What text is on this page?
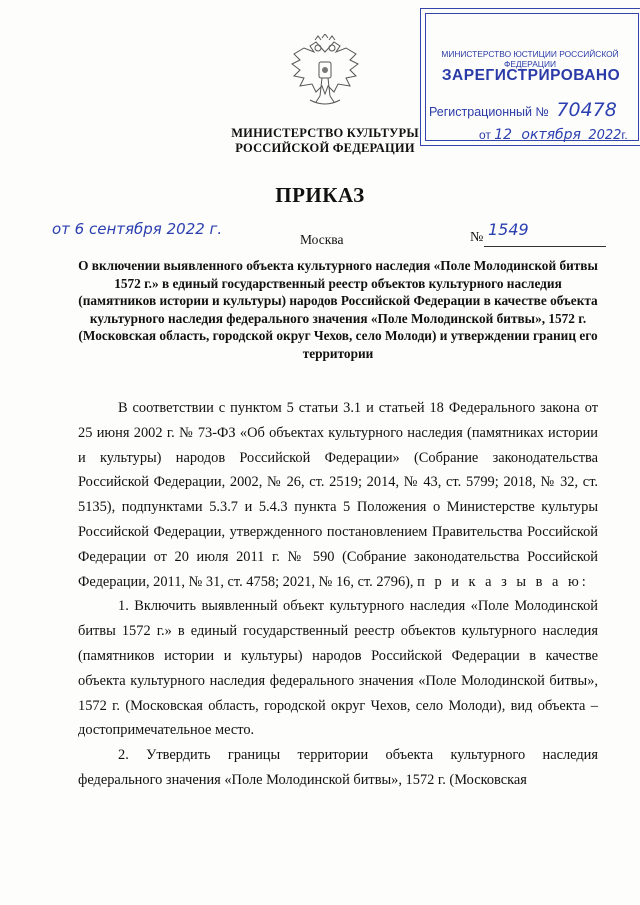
МИНИСТЕРСТВО КУЛЬТУРЫ
РОССИЙСКОЙ ФЕДЕРАЦИИ
МИНИСТЕРСТВО ЮСТИЦИИ РОССИЙСКОЙ ФЕДЕРАЦИИ
ЗАРЕГИСТРИРОВАНО
Регистрационный № 70478
от 12 октября 2022г.
ПРИКАЗ
от 6 сентября 2022 г.
Москва	№ 1549
О включении выявленного объекта культурного наследия «Поле Молодинской битвы 1572 г.» в единый государственный реестр объектов культурного наследия (памятников истории и культуры) народов Российской Федерации в качестве объекта культурного наследия федерального значения «Поле Молодинской битвы», 1572 г. (Московская область, городской округ Чехов, село Молоди) и утверждении границ его территории

В соответствии с пунктом 5 статьи 3.1 и статьей 18 Федерального закона от 25 июня 2002 г. № 73-ФЗ «Об объектах культурного наследия (памятниках истории и культуры) народов Российской Федерации» (Собрание законодательства Российской Федерации, 2002, № 26, ст. 2519; 2014, № 43, ст. 5799; 2018, № 32, ст. 5135), подпунктами 5.3.7 и 5.4.3 пункта 5 Положения о Министерстве культуры Российской Федерации, утвержденного постановлением Правительства Российской Федерации от 20 июля 2011 г. № 590 (Собрание законодательства Российской Федерации, 2011, № 31, ст. 4758; 2021, № 16, ст. 2796), п р и к а з ы в а ю:

1. Включить выявленный объект культурного наследия «Поле Молодинской битвы 1572 г.» в единый государственный реестр объектов культурного наследия (памятников истории и культуры) народов Российской Федерации в качестве объекта культурного наследия федерального значения «Поле Молодинской битвы», 1572 г. (Московская область, городской округ Чехов, село Молоди), вид объекта – достопримечательное место.

2. Утвердить границы территории объекта культурного наследия федерального значения «Поле Молодинской битвы», 1572 г. (Московская
